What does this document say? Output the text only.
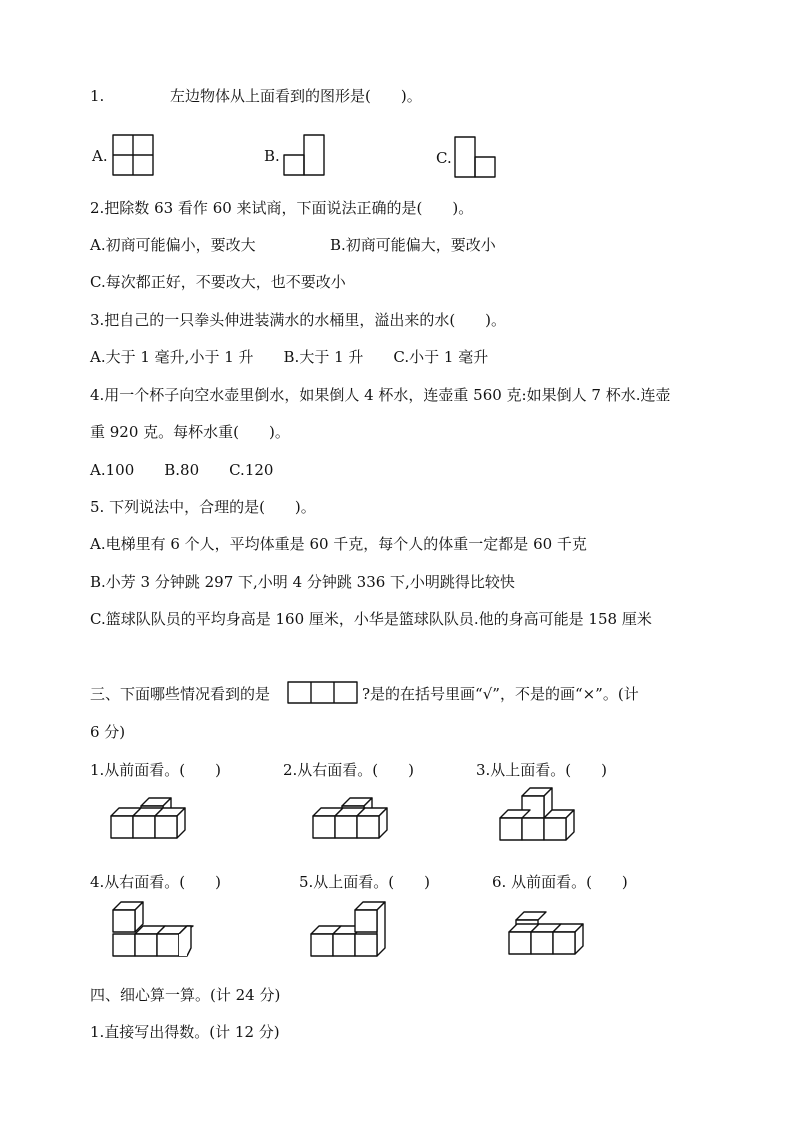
1.	左边物体从上面看到的图形是(　　)。
A.	B.	C.
2.把除数 63 看作 60 来试商，下面说法正确的是(　　)。
A.初商可能偏小，要改大	B.初商可能偏大，要改小
C.每次都正好，不要改大，也不要改小
3.把自己的一只拳头伸进装满水的水桶里，溢出来的水(　　)。
A.大于 1 毫升,小于 1 升　　B.大于 1 升　　C.小于 1 毫升
4.用一个杯子向空水壶里倒水，如果倒人 4 杯水，连壶重 560 克:如果倒人 7 杯水.连壶
重 920 克。每杯水重(　　)。
A.100　　B.80　　C.120
5. 下列说法中，合理的是(　　)。
A.电梯里有 6 个人，平均体重是 60 千克，每个人的体重一定都是 60 千克
B.小芳 3 分钟跳 297 下,小明 4 分钟跳 336 下,小明跳得比较快
C.篮球队队员的平均身高是 160 厘米，小华是篮球队队员.他的身高可能是 158 厘米
三、下面哪些情况看到的是	?是的在括号里画“√”，不是的画“×”。(计
6 分)
1.从前面看。(　　)	2.从右面看。(　　)	3.从上面看。(　　)
4.从右面看。(　　)	5.从上面看。(　　)	6. 从前面看。(　　)
四、细心算一算。(计 24 分)
1.直接写出得数。(计 12 分)
